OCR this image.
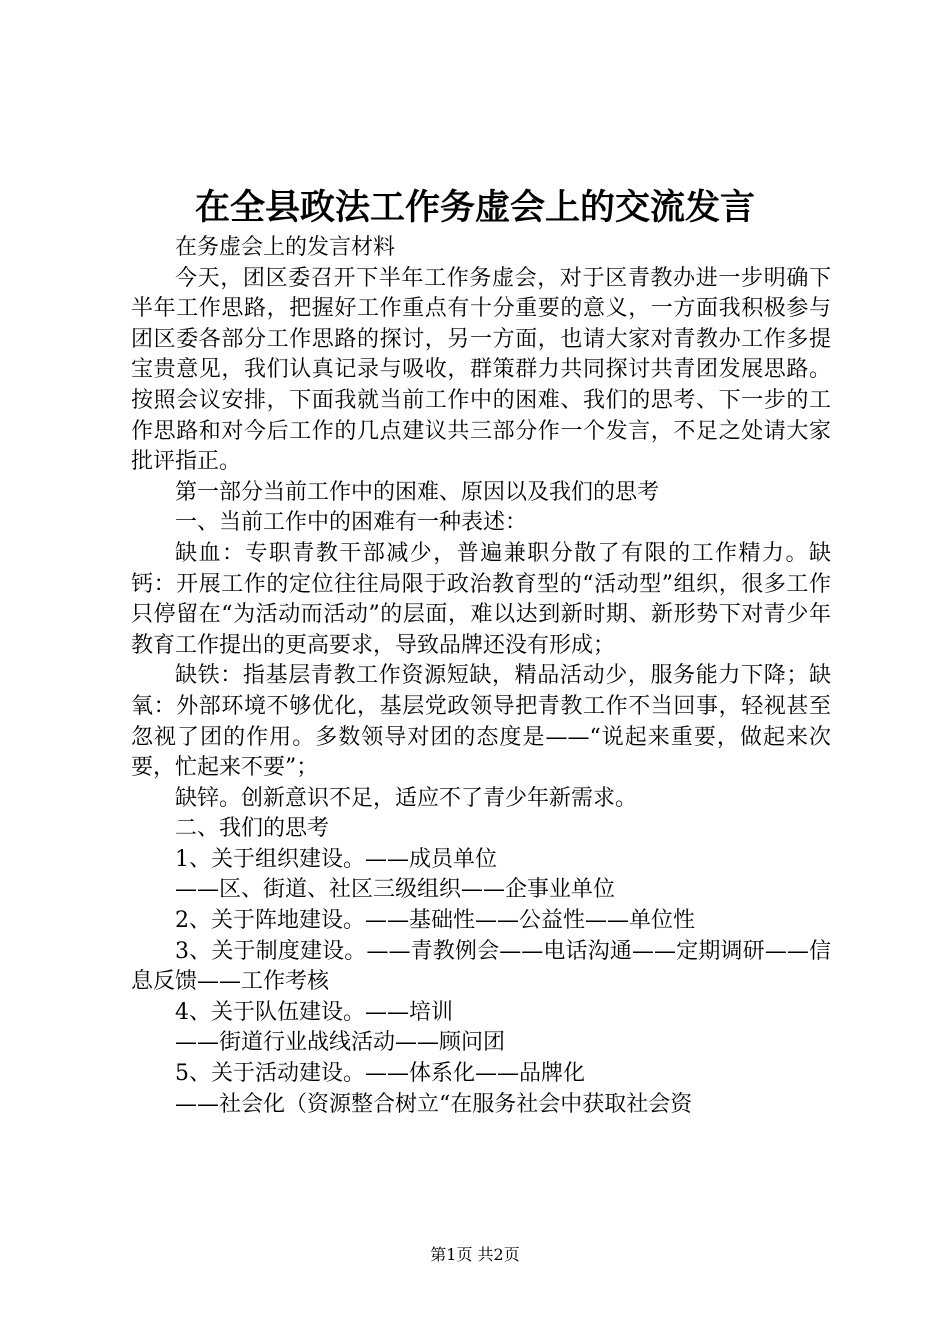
在全县政法工作务虚会上的交流发言

在务虚会上的发言材料

今天，团区委召开下半年工作务虚会，对于区青教办进一步明确下半年工作思路，把握好工作重点有十分重要的意义，一方面我积极参与团区委各部分工作思路的探讨，另一方面，也请大家对青教办工作多提宝贵意见，我们认真记录与吸收，群策群力共同探讨共青团发展思路。按照会议安排，下面我就当前工作中的困难、我们的思考、下一步的工作思路和对今后工作的几点建议共三部分作一个发言，不足之处请大家批评指正。

第一部分当前工作中的困难、原因以及我们的思考

一、当前工作中的困难有一种表述：

缺血：专职青教干部减少，普遍兼职分散了有限的工作精力。缺钙：开展工作的定位往往局限于政治教育型的“活动型”组织，很多工作只停留在“为活动而活动”的层面，难以达到新时期、新形势下对青少年教育工作提出的更高要求，导致品牌还没有形成；

缺铁：指基层青教工作资源短缺，精品活动少，服务能力下降；缺氧：外部环境不够优化，基层党政领导把青教工作不当回事，轻视甚至忽视了团的作用。多数领导对团的态度是——“说起来重要，做起来次要，忙起来不要”；

缺锌。创新意识不足，适应不了青少年新需求。

二、我们的思考

1、关于组织建设。——成员单位

——区、街道、社区三级组织——企事业单位

2、关于阵地建设。——基础性——公益性——单位性

3、关于制度建设。——青教例会——电话沟通——定期调研——信息反馈——工作考核

4、关于队伍建设。——培训

——街道行业战线活动——顾问团

5、关于活动建设。——体系化——品牌化

——社会化（资源整合树立“在服务社会中获取社会资

第1页 共2页
